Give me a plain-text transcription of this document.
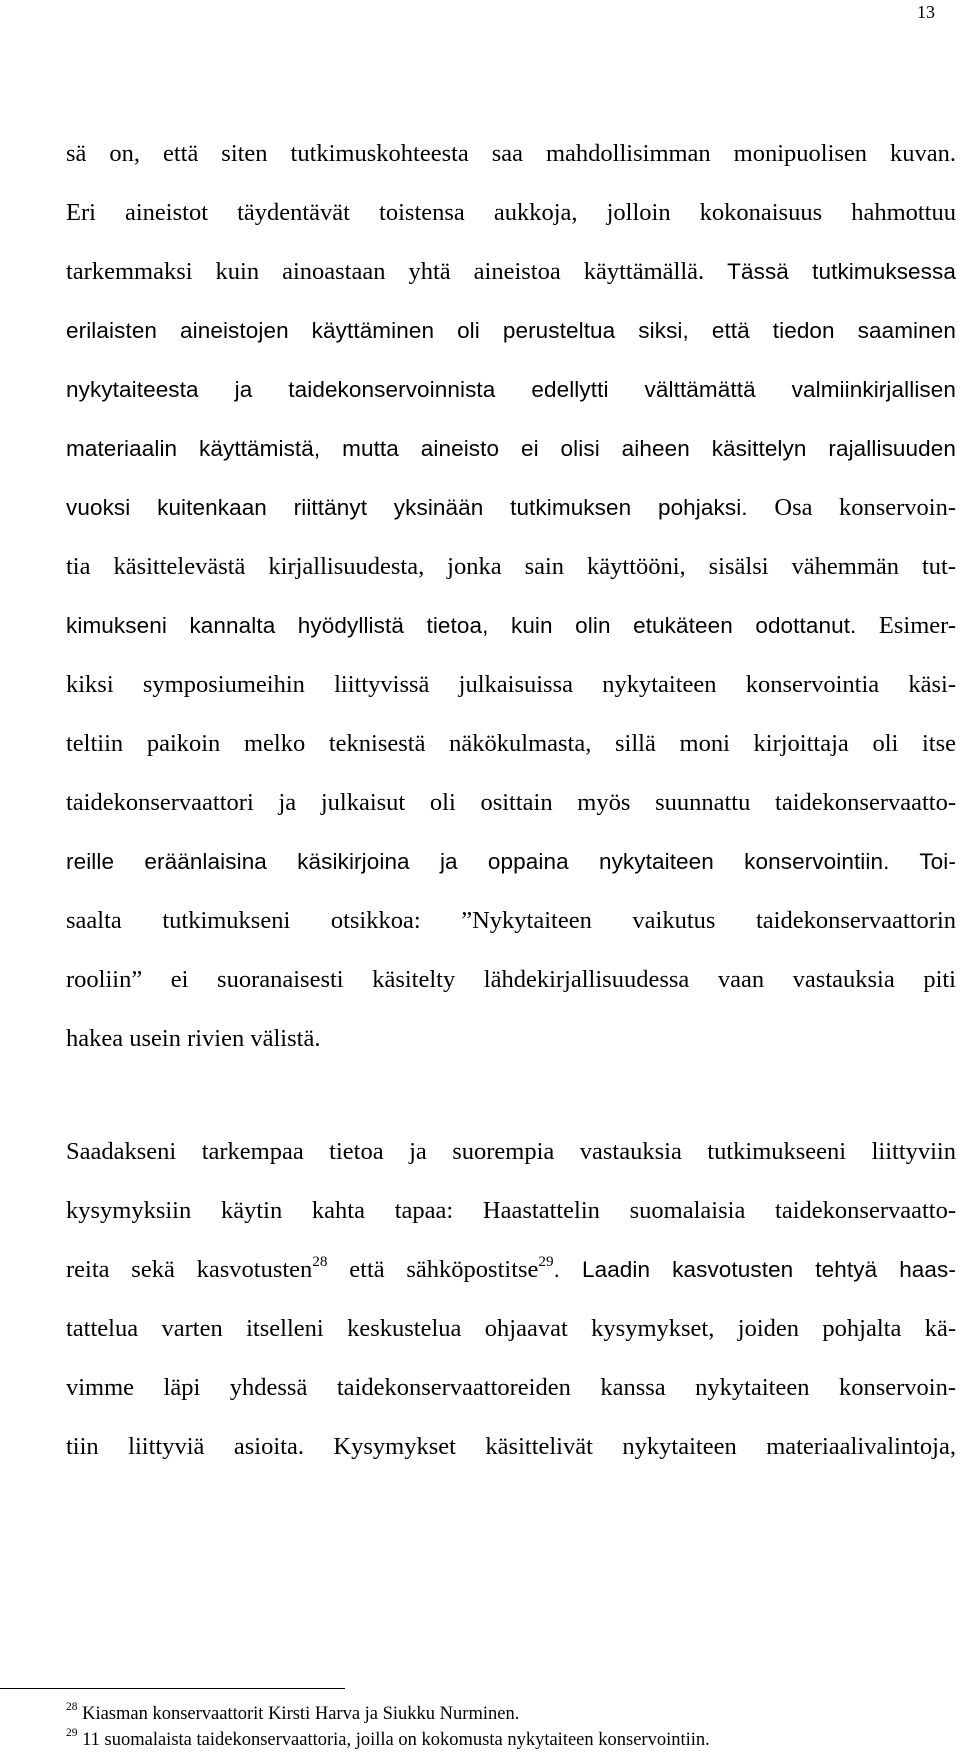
13
sä on, että siten tutkimuskohteesta saa mahdollisimman monipuolisen kuvan.
Eri aineistot täydentävät toistensa aukkoja, jolloin kokonaisuus hahmottuu
tarkemmaksi kuin ainoastaan yhtä aineistoa käyttämällä. Tässä tutkimuksessa
erilaisten aineistojen käyttäminen oli perusteltua siksi, että tiedon saaminen
nykytaiteesta ja taidekonservoinnista edellytti välttämättä valmiinkirjallisen
materiaalin käyttämistä, mutta aineisto ei olisi aiheen käsittelyn rajallisuuden
vuoksi kuitenkaan riittänyt yksinään tutkimuksen pohjaksi. Osa konservoin-
tia käsittelevästä kirjallisuudesta, jonka sain käyttööni, sisälsi vähemmän tut-
kimukseni kannalta hyödyllistä tietoa, kuin olin etukäteen odottanut. Esimer-
kiksi symposiumeihin liittyvissä julkaisuissa nykytaiteen konservointia käsi-
teltiin paikoin melko teknisestä näkökulmasta, sillä moni kirjoittaja oli itse
taidekonservaattori ja julkaisut oli osittain myös suunnattu taidekonservaatto-
reille eräänlaisina käsikirjoina ja oppaina nykytaiteen konservointiin. Toi-
saalta tutkimukseni otsikkoa: ”Nykytaiteen vaikutus taidekonservaattorin
rooliin” ei suoranaisesti käsitelty lähdekirjallisuudessa vaan vastauksia piti
hakea usein rivien välistä.
Saadakseni tarkempaa tietoa ja suorempia vastauksia tutkimukseeni liittyviin
kysymyksiin käytin kahta tapaa: Haastattelin suomalaisia taidekonservaatto-
reita sekä kasvotusten$^{28}$ että sähköpostitse$^{29}$. Laadin kasvotusten tehtyä haas-
tattelua varten itselleni keskustelua ohjaavat kysymykset, joiden pohjalta kä-
vimme läpi yhdessä taidekonservaattoreiden kanssa nykytaiteen konservoin-
tiin liittyviä asioita. Kysymykset käsittelivät nykytaiteen materiaalivalintoja,
$^{28}$ Kiasman konservaattorit Kirsti Harva ja Siukku Nurminen.
$^{29}$ 11 suomalaista taidekonservaattoria, joilla on kokomusta nykytaiteen konservointiin.
